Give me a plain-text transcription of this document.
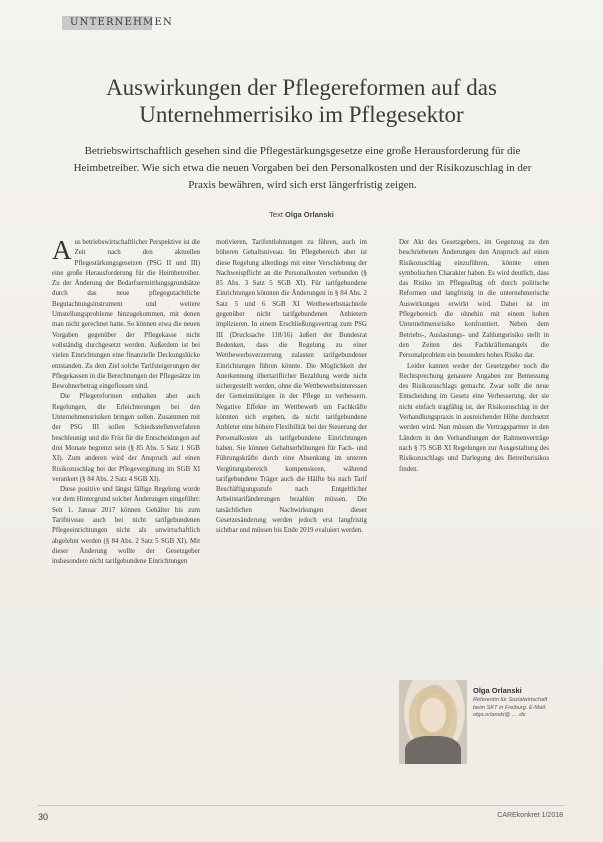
UNTERNEHMEN
Auswirkungen der Pflegereformen auf das
Unternehmerrisiko im Pflegesektor
Betriebswirtschaftlich gesehen sind die Pflegestärkungsgesetze eine große Herausforderung für die Heimbetreiber. Wie sich etwa die neuen Vorgaben bei den Personalkosten und der Risikozuschlag in der Praxis bewähren, wird sich erst längerfristig zeigen.
Text Olga Orlanski

Aus betriebswirtschaftlicher Perspektive ist die Zeit nach den aktuellen Pflegestärkungsgesetzen (PSG II und III) eine große Herausforderung für die Heimbetreiber. Zu der Änderung der Bedarfsermittlungsgrundsätze durch das neue pflegegutachtliche Begutachtungsinstrument und weitere Umstellungsprobleme hinzugekommen, mit denen man nicht gerechnet hatte. So können etwa die neuen Vorgaben gegenüber der Pflegekasse nicht vollständig durchgesetzt werden. Außerdem ist bei vielen Einrichtungen eine finanzielle Deckungslücke entstanden. Zu dem Ziel solche Tarifsteigerungen der Pflegekassen in die Berechnungen der Pflegesätze im Bewohnerbetrag eingeflossen sind.

Die Pflegereformen enthalten aber auch Regelungen, die Erleichterungen bei den Unternehmensrisiken bringen sollen. Zusammen mit der PSG III sollen Schiedsstellenverfahren beschleunigt und die Frist für die Entscheidungen auf drei Monate begrenzt sein (§ 85 Abs. 5 Satz 1 SGB XI). Zum anderen wird der Anspruch auf einen Risikozuschlag bei der Pflegevergütung im SGB XI verankert (§ 84 Abs. 2 Satz 4 SGB XI).

Diese positive und längst fällige Regelung wurde vor dem Hintergrund solcher Änderungen eingeführt: Seit 1. Januar 2017 können Gehälter bis zum Tarifniveau auch bei nicht tarifgebundenen Pflegeeinrichtungen nicht als unwirtschaftlich abgelehnt werden (§ 84 Abs. 2 Satz 5 SGB XI). Mit dieser Änderung wollte der Gesetzgeber insbesondere nicht tarifgebundene Einrichtungen

motivieren, Tarifentlohnungen zu führen, auch im höheren Gehaltsniveau. Im Pflegebereich aber ist diese Regelung allerdings mit einer Verschiebung der Nachweispflicht an die Personalkosten verbunden (§ 85 Abs. 3 Satz 5 SGB XI). Für tarifgebundene Einrichtungen könnten die Änderungen in § 84 Abs. 2 Satz 5 und 6 SGB XI Wettbewerbsnachteile gegenüber nicht tarifgebundenen Anbietern implizieren. In einem Erschließungsvertrag zum PSG III (Drucksache 118/16) äußert der Bundesrat Bedenken, dass die Regelung zu einer Wettbewerbsverzerrung zulasten tarifgebundener Einrichtungen führen könnte. Die Möglichkeit der Anerkennung übertariflicher Bezahlung werde nicht sichergestellt werden, ohne die Wettbewerbsinteressen der Gemeinnützigen in der Pflege zu verbessern. Negative Effekte im Wettbewerb um Fachkräfte könnten sich ergeben, da nicht tarifgebundene Anbieter eine höhere Flexibilität bei der Steuerung der Personalkosten als tarifgebundene Einrichtungen haben. Sie können Gehaltserhöhungen für Fach- und Führungskräfte durch eine Absenkung im unteren Vergütungsbereich kompensieren, während tarifgebundene Träger auch die Hälfte bis nach Tarif Beschäftigungsstufe nach Entgeltlicher Arbeitstarifänderungen bezahlen müssen. Die tatsächlichen Nachwirkungen dieser Gesetzesänderung werden jedoch erst langfristig sichtbar und müssen bis Ende 2019 evaluiert werden.

Der Akt des Gesetzgebers, im Gegenzug zu den beschriebenen Änderungen den Anspruch auf einen Risikozuschlag einzuführen, könnte einen symbolischen Charakter haben. Es wird deutlich, dass das Risiko im Pflegealltag oft durch politische Reformen und langfristig in die unternehmerische Auswirkungen erwirkt wird. Dabei ist im Pflegebereich die ohnehin mit einem hohen Unternehmensrisiko konfrontiert. Neben dem Betriebs-, Auslastungs- und Zahlungsrisiko stellt in den Zeiten des Fachkräftemangels die Personalproblem ein besonders hohes Risiko dar.

Leider kannen weder der Gesetzgeber noch die Rechtsprechung genauere Angaben zur Bemessung des Risikozuschlags gemacht. Zwar sollt die neue Entscheidung im Gesetz eine Verbesserung, der sie nicht einfach tragfähig ist, der Risikozuschlag in der Verhandlungspraxis in ausreichender Höhe durchsetzt werden wird. Nun müssen die Vertragspartner in den Ländern in den Verhandlungen der Rahmenverträge nach § 75 SGB XI Regelungen zur Ausgestaltung des Risikozuschlags und Darlegung des Betreibsrisikos finden.

Olga Orlanski
Referentin für Sozialwirtschaft beim SKT in Freiburg. E-Mail: olga.orlanski@ ... .de
30	CAREkonkret 1/2018
